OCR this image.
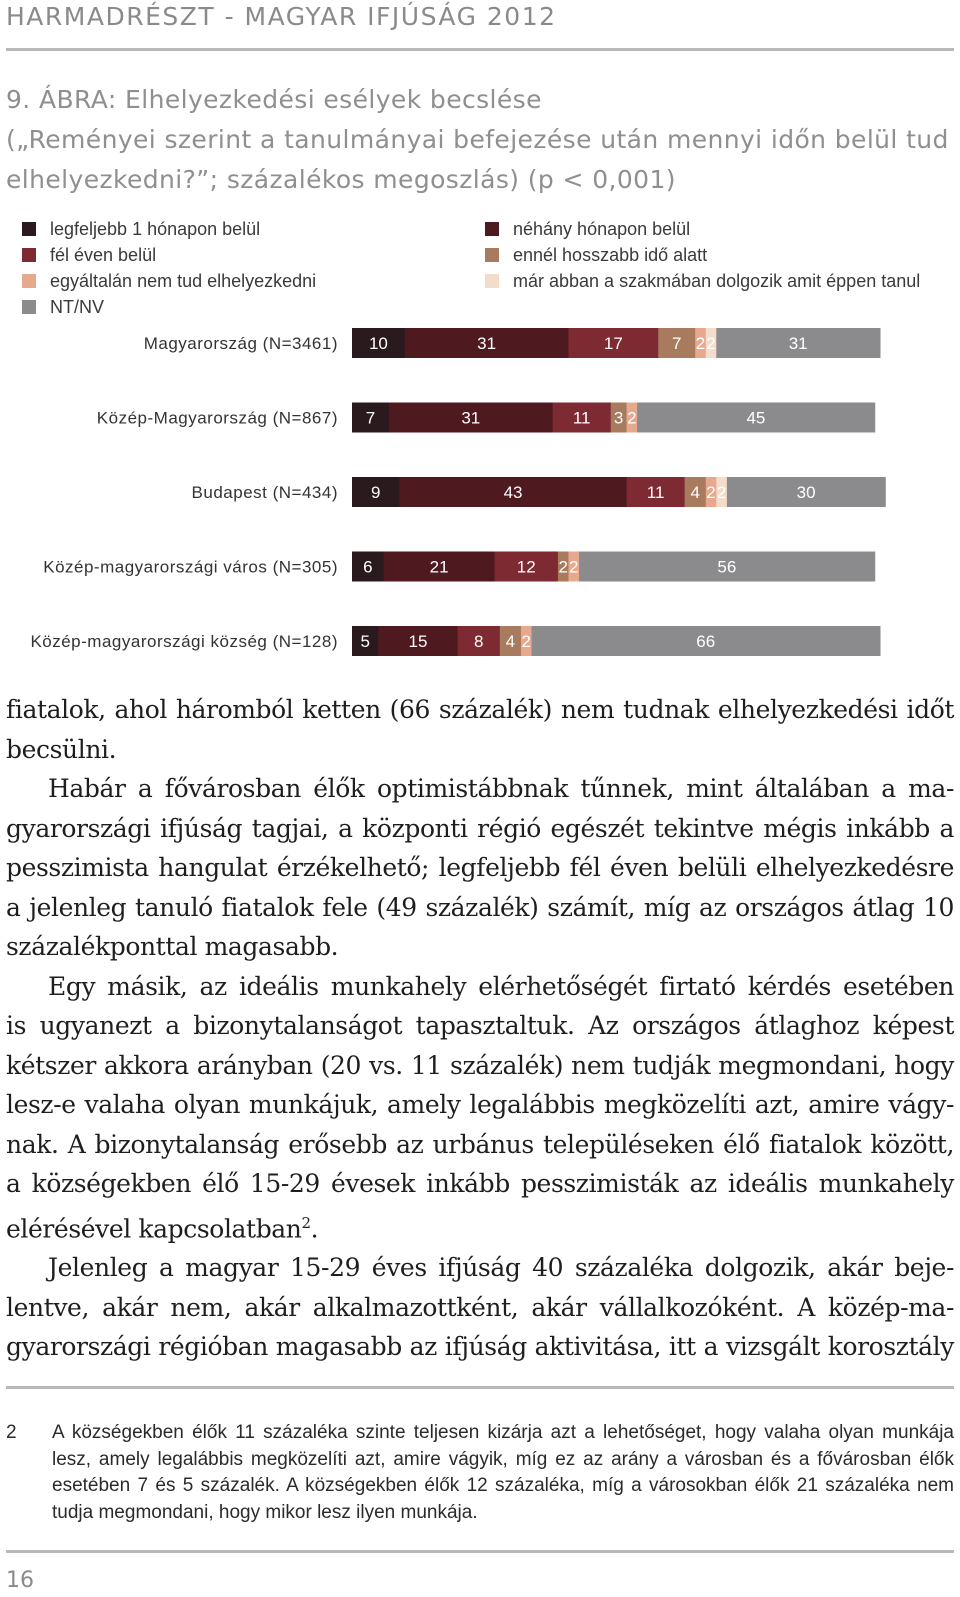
HARMADRÉSZT - MAGYAR IFJÚSÁG 2012
9. ÁBRA: Elhelyezkedési esélyek becslése
(„Reményei szerint a tanulmányai befejezése után mennyi időn belül tud
elhelyezkedni?”; százalékos megoszlás) (p < 0,001)
legfeljebb 1 hónapon belül
fél éven belül
egyáltalán nem tud elhelyezkedni
NT/NV
néhány hónapon belül
ennél hosszabb idő alatt
már abban a szakmában dolgozik amit éppen tanul
Magyarország (N=3461) 10	31	17	7 2 2	31
Közép-Magyarország (N=867) 7	31	11 3 2	45
Budapest (N=434) 9	43	11 4 2 2	30
Közép-magyarországi város (N=305) 6	21	12 2 2	56
Közép-magyarországi község (N=128) 5 15	8 4 2	66

fiatalok, ahol háromból ketten (66 százalék) nem tudnak elhelyezkedési időt

becsülni.

Habár a fővárosban élők optimistábbnak tűnnek, mint általában a ma-

gyarországi ifjúság tagjai, a központi régió egészét tekintve mégis inkább a

pesszimista hangulat érzékelhető; legfeljebb fél éven belüli elhelyezkedésre

a jelenleg tanuló fiatalok fele (49 százalék) számít, míg az országos átlag 10

százalékponttal magasabb.

Egy másik, az ideális munkahely elérhetőségét firtató kérdés esetében

is ugyanezt a bizonytalanságot tapasztaltuk. Az országos átlaghoz képest

kétszer akkora arányban (20 vs. 11 százalék) nem tudják megmondani, hogy

lesz-e valaha olyan munkájuk, amely legalábbis megközelíti azt, amire vágy-

nak. A bizonytalanság erősebb az urbánus településeken élő fiatalok között,

a községekben élő 15-29 évesek inkább pesszimisták az ideális munkahely

elérésével kapcsolatban$^2$.

Jelenleg a magyar 15-29 éves ifjúság 40 százaléka dolgozik, akár beje-

lentve, akár nem, akár alkalmazottként, akár vállalkozóként. A közép-ma-

gyarországi régióban magasabb az ifjúság aktivitása, itt a vizsgált korosztály

2 A községekben élők 11 százaléka szinte teljesen kizárja azt a lehetőséget, hogy valaha olyan munkája lesz, amely legalábbis megközelíti azt, amire vágyik, míg ez az arány a városban és a fővárosban élők esetében 7 és 5 százalék. A községekben élők 12 százaléka, míg a városokban élők 21 százaléka nem tudja megmondani, hogy mikor lesz ilyen munkája.
16
